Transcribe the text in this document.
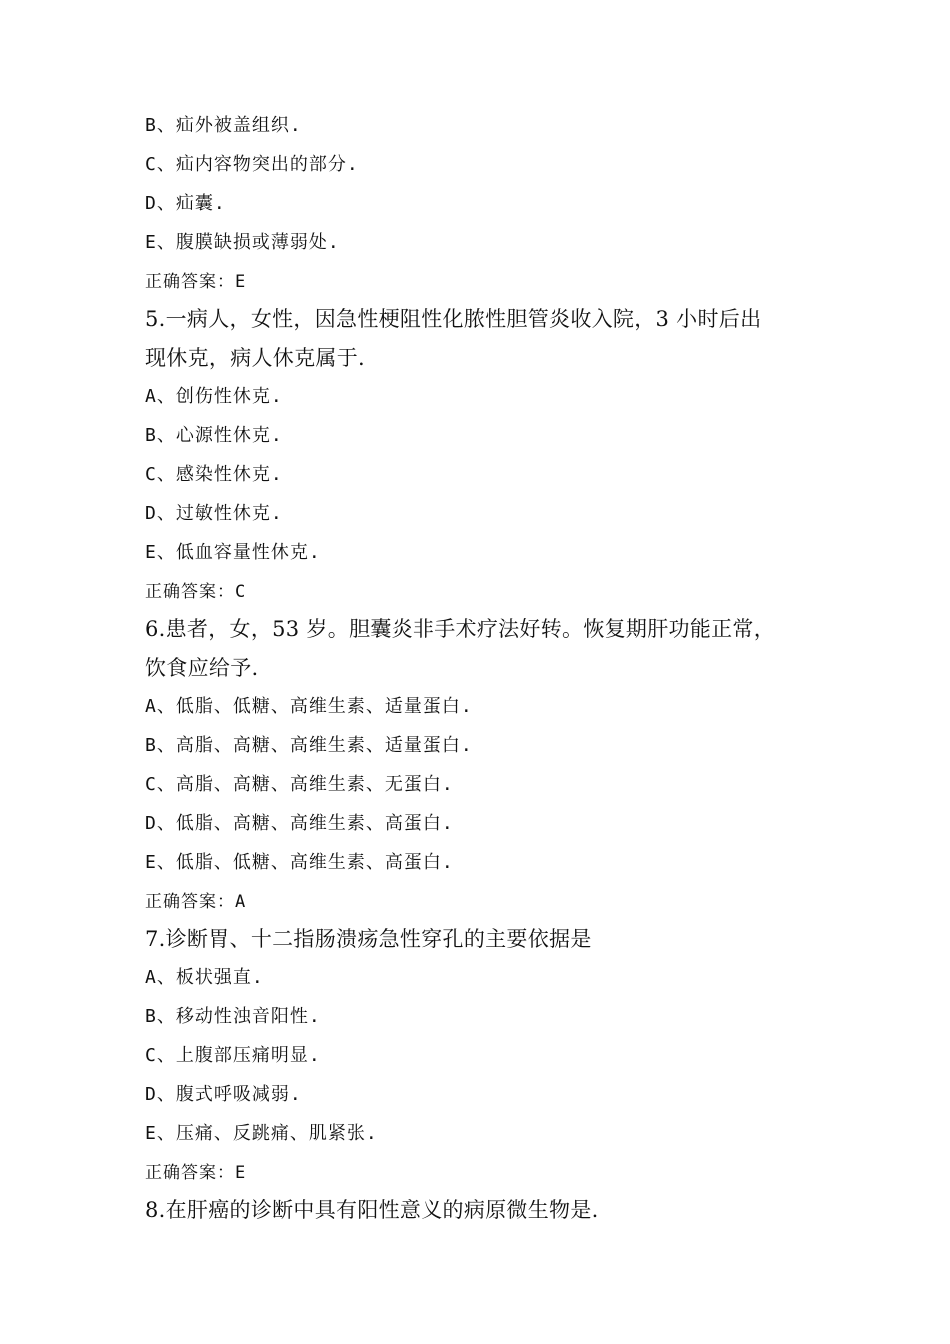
B、疝外被盖组织.
C、疝内容物突出的部分.
D、疝囊.
E、腹膜缺损或薄弱处.
正确答案：E
5.一病人，女性，因急性梗阻性化脓性胆管炎收入院，3 小时后出
现休克，病人休克属于.
A、创伤性休克.
B、心源性休克.
C、感染性休克.
D、过敏性休克.
E、低血容量性休克.
正确答案：C
6.患者，女，53 岁。胆囊炎非手术疗法好转。恢复期肝功能正常，
饮食应给予.
A、低脂、低糖、高维生素、适量蛋白.
B、高脂、高糖、高维生素、适量蛋白.
C、高脂、高糖、高维生素、无蛋白.
D、低脂、高糖、高维生素、高蛋白.
E、低脂、低糖、高维生素、高蛋白.
正确答案：A
7.诊断胃、十二指肠溃疡急性穿孔的主要依据是
A、板状强直.
B、移动性浊音阳性.
C、上腹部压痛明显.
D、腹式呼吸减弱.
E、压痛、反跳痛、肌紧张.
正确答案：E
8.在肝癌的诊断中具有阳性意义的病原微生物是.
